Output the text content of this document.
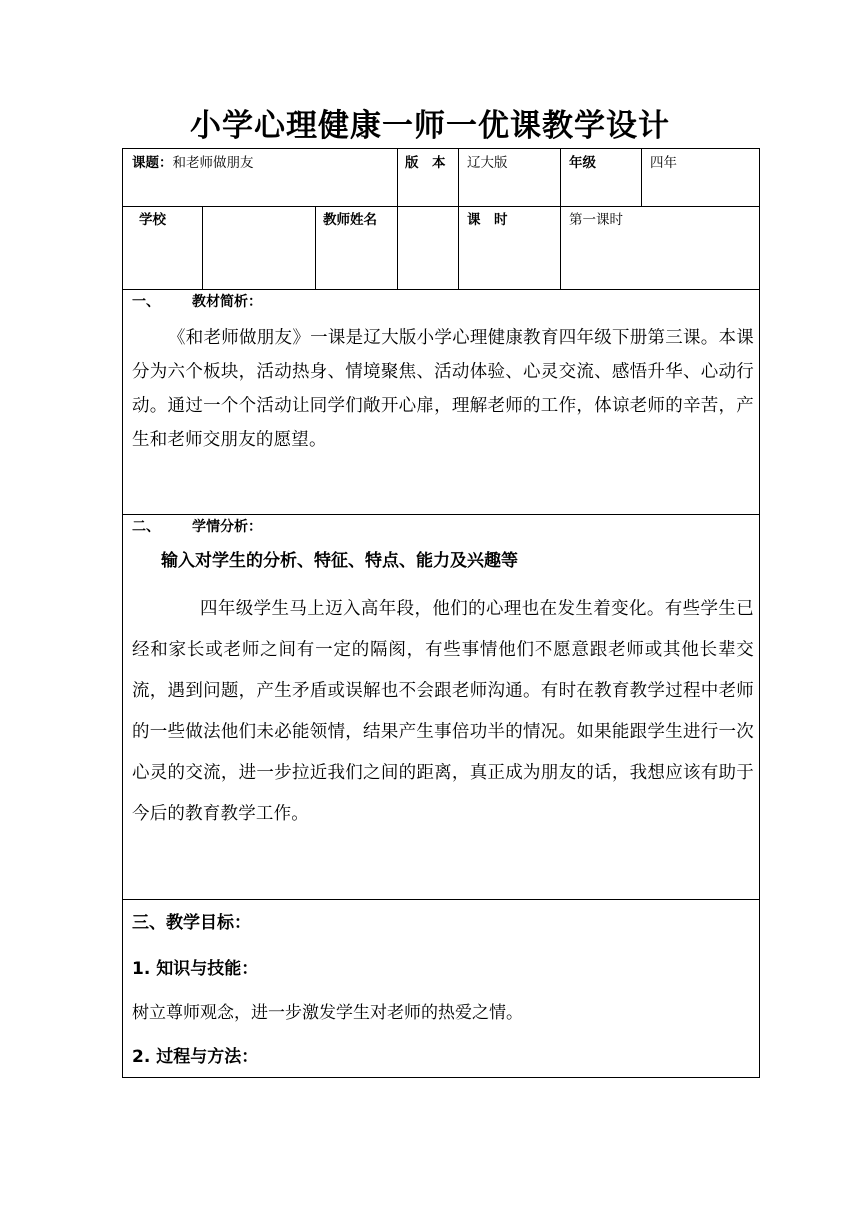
小学心理健康一师一优课教学设计
课题：和老师做朋友	版　本 辽大版	年级	四年
学校	教师姓名	课　时	第一课时
一、 教材简析：
《和老师做朋友》一课是辽大版小学心理健康教育四年级下册第三课。本课分为六个板块，活动热身、情境聚焦、活动体验、心灵交流、感悟升华、心动行动。通过一个个活动让同学们敞开心扉，理解老师的工作，体谅老师的辛苦，产生和老师交朋友的愿望。
二、 学情分析：
输入对学生的分析、特征、特点、能力及兴趣等
四年级学生马上迈入高年段，他们的心理也在发生着变化。有些学生已经和家长或老师之间有一定的隔阂，有些事情他们不愿意跟老师或其他长辈交流，遇到问题，产生矛盾或误解也不会跟老师沟通。有时在教育教学过程中老师的一些做法他们未必能领情，结果产生事倍功半的情况。如果能跟学生进行一次心灵的交流，进一步拉近我们之间的距离，真正成为朋友的话，我想应该有助于今后的教育教学工作。
三、教学目标：
1. 知识与技能：
树立尊师观念，进一步激发学生对老师的热爱之情。
2. 过程与方法：
